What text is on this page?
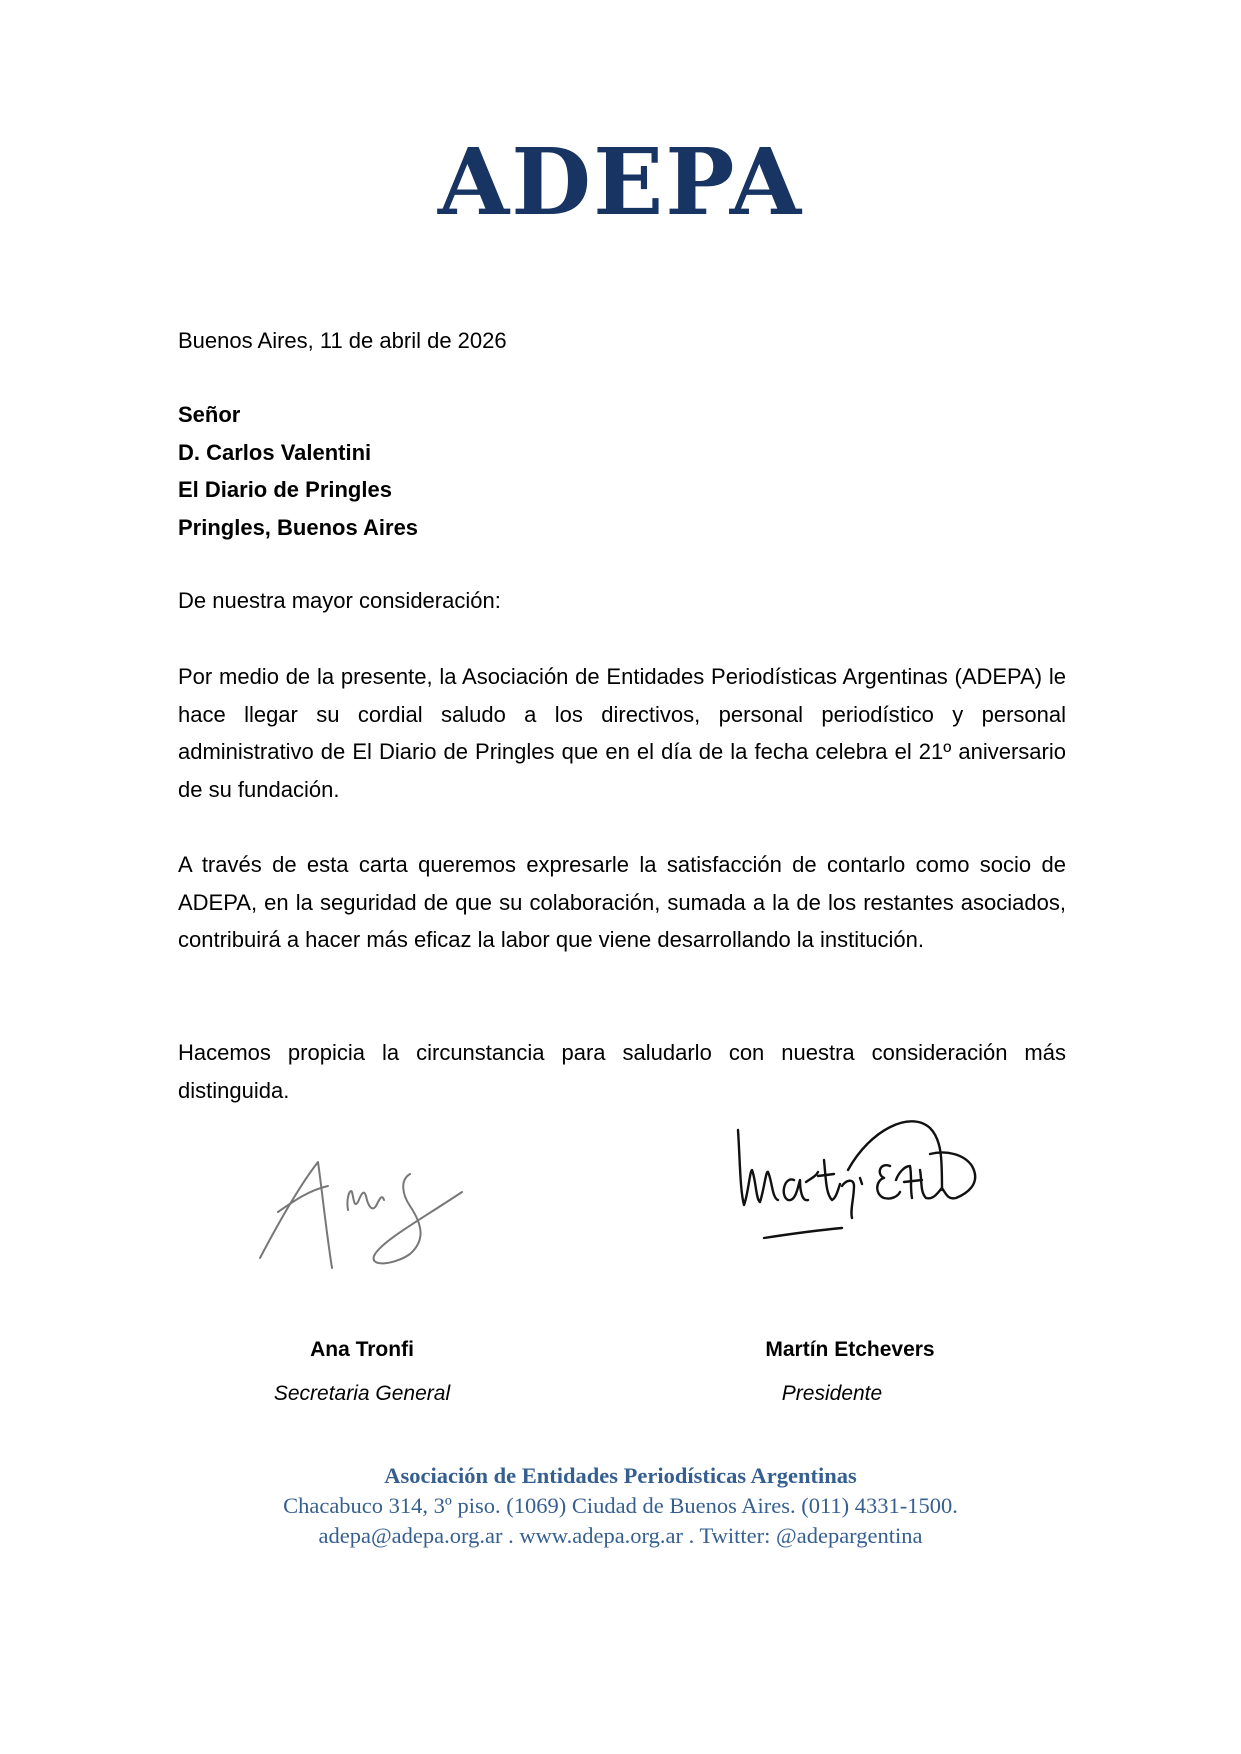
ADEPA
Buenos Aires, 11 de abril de 2026
Señor
D. Carlos Valentini
El Diario de Pringles
Pringles, Buenos Aires
De nuestra mayor consideración:
Por medio de la presente, la Asociación de Entidades Periodísticas Argentinas (ADEPA) le hace llegar su cordial saludo a los directivos, personal periodístico y personal administrativo de El Diario de Pringles que en el día de la fecha celebra el 21º aniversario de su fundación.
A través de esta carta queremos expresarle la satisfacción de contarlo como socio de ADEPA, en la seguridad de que su colaboración, sumada a la de los restantes asociados, contribuirá a hacer más eficaz la labor que viene desarrollando la institución.
Hacemos propicia la circunstancia para saludarlo con nuestra consideración más distinguida.
Ana Tronfi
Secretaria General
Martín Etchevers
Presidente
Asociación de Entidades Periodísticas Argentinas
Chacabuco 314, 3º piso. (1069) Ciudad de Buenos Aires. (011) 4331-1500.
adepa@adepa.org.ar . www.adepa.org.ar . Twitter: @adepargentina
